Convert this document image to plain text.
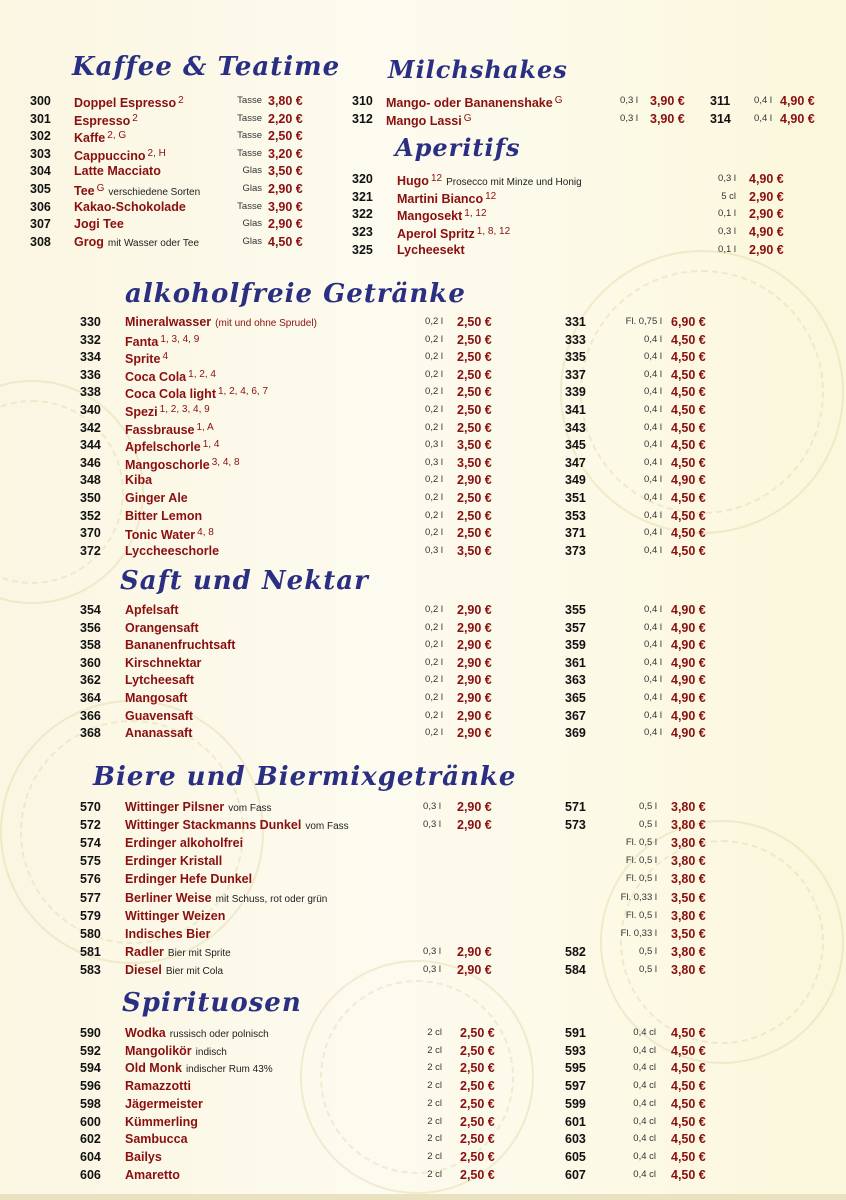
Kaffee & Teatime Milchshakes
Aperitifs
alkoholfreie Getränke
Saft und Nektar
Biere und Biermixgetränke
Spirituosen
300 Doppel Espresso $^2$	Tasse 3,80 €
301 Espresso $^2$	Tasse 2,20 €
302 Kaffe $^{2, G}$	Tasse 2,50 €
303 Cappuccino $^{2, H}$	Tasse 3,20 €
304 Latte Macciato	Glas 3,50 €
305 Tee $^G$ verschiedene Sorten	Glas 2,90 €
306 Kakao-Schokolade	Tasse 3,90 €
307 Jogi Tee	Glas 2,90 €
308 Grog mit Wasser oder Tee	Glas 4,50 €
310 Mango- oder Bananenshake $^G$	0,3 l 3,90 € 311	0,4 l 4,90 €
312 Mango Lassi $^G$	0,3 l 3,90 € 314	0,4 l 4,90 €
320 Hugo $^{12}$ Prosecco mit Minze und Honig	0,3 l 4,90 €
321 Martini Bianco $^{12}$	5 cl 2,90 €
322 Mangosekt $^{1, 12}$	0,1 l 2,90 €
323 Aperol Spritz $^{1, 8, 12}$	0,3 l 4,90 €
325 Lycheesekt	0,1 l 2,90 €
330 Mineralwasser (mit und ohne Sprudel)	0,2 l 2,50 €	331	Fl. 0,75 l 6,90 €
332 Fanta $^{1, 3, 4, 9}$	0,2 l 2,50 €	333	0,4 l 4,50 €
334 Sprite $^4$	0,2 l 2,50 €	335	0,4 l 4,50 €
336 Coca Cola $^{1, 2, 4}$	0,2 l 2,50 €	337	0,4 l 4,50 €
338 Coca Cola light $^{1, 2, 4, 6, 7}$	0,2 l 2,50 €	339	0,4 l 4,50 €
340 Spezi $^{1, 2, 3, 4, 9}$	0,2 l 2,50 €	341	0,4 l 4,50 €
342 Fassbrause $^{1, A}$	0,2 l 2,50 €	343	0,4 l 4,50 €
344 Apfelschorle $^{1, 4}$	0,3 l 3,50 €	345	0,4 l 4,50 €
346 Mangoschorle $^{3, 4, 8}$	0,3 l 3,50 €	347	0,4 l 4,50 €
348 Kiba	0,2 l 2,90 €	349	0,4 l 4,90 €
350 Ginger Ale	0,2 l 2,50 €	351	0,4 l 4,50 €
352 Bitter Lemon	0,2 l 2,50 €	353	0,4 l 4,50 €
370 Tonic Water $^{4, 8}$	0,2 l 2,50 €	371	0,4 l 4,50 €
372 Lyccheeschorle	0,3 l 3,50 €	373	0,4 l 4,50 €
354 Apfelsaft	0,2 l 2,90 €	355	0,4 l 4,90 €
356 Orangensaft	0,2 l 2,90 €	357	0,4 l 4,90 €
358 Bananenfruchtsaft	0,2 l 2,90 €	359	0,4 l 4,90 €
360 Kirschnektar	0,2 l 2,90 €	361	0,4 l 4,90 €
362 Lytcheesaft	0,2 l 2,90 €	363	0,4 l 4,90 €
364 Mangosaft	0,2 l 2,90 €	365	0,4 l 4,90 €
366 Guavensaft	0,2 l 2,90 €	367	0,4 l 4,90 €
368 Ananassaft	0,2 l 2,90 €	369	0,4 l 4,90 €
570 Wittinger Pilsner vom Fass	0,3 l 2,90 €	571	0,5 l 3,80 €
572 Wittinger Stackmanns Dunkel vom Fass	0,3 l 2,90 €	573	0,5 l 3,80 €
574 Erdinger alkoholfrei	Fl. 0,5 l 3,80 €
575 Erdinger Kristall	Fl. 0,5 l 3,80 €
576 Erdinger Hefe Dunkel	Fl. 0,5 l 3,80 €
577 Berliner Weise mit Schuss, rot oder grün	Fl. 0,33 l 3,50 €
579 Wittinger Weizen	Fl. 0,5 l 3,80 €
580 Indisches Bier	Fl. 0,33 l 3,50 €
581 Radler Bier mit Sprite	0,3 l 2,90 €	582	0,5 l 3,80 €
583 Diesel Bier mit Cola	0,3 l 2,90 €	584	0,5 l 3,80 €
590 Wodka russisch oder polnisch	2 cl 2,50 €	591	0,4 cl 4,50 €
592 Mangolikör indisch	2 cl 2,50 €	593	0,4 cl 4,50 €
594 Old Monk indischer Rum 43%	2 cl 2,50 €	595	0,4 cl 4,50 €
596 Ramazzotti	2 cl 2,50 €	597	0,4 cl 4,50 €
598 Jägermeister	2 cl 2,50 €	599	0,4 cl 4,50 €
600 Kümmerling	2 cl 2,50 €	601	0,4 cl 4,50 €
602 Sambucca	2 cl 2,50 €	603	0,4 cl 4,50 €
604 Bailys	2 cl 2,50 €	605	0,4 cl 4,50 €
606 Amaretto	2 cl 2,50 €	607	0,4 cl 4,50 €
